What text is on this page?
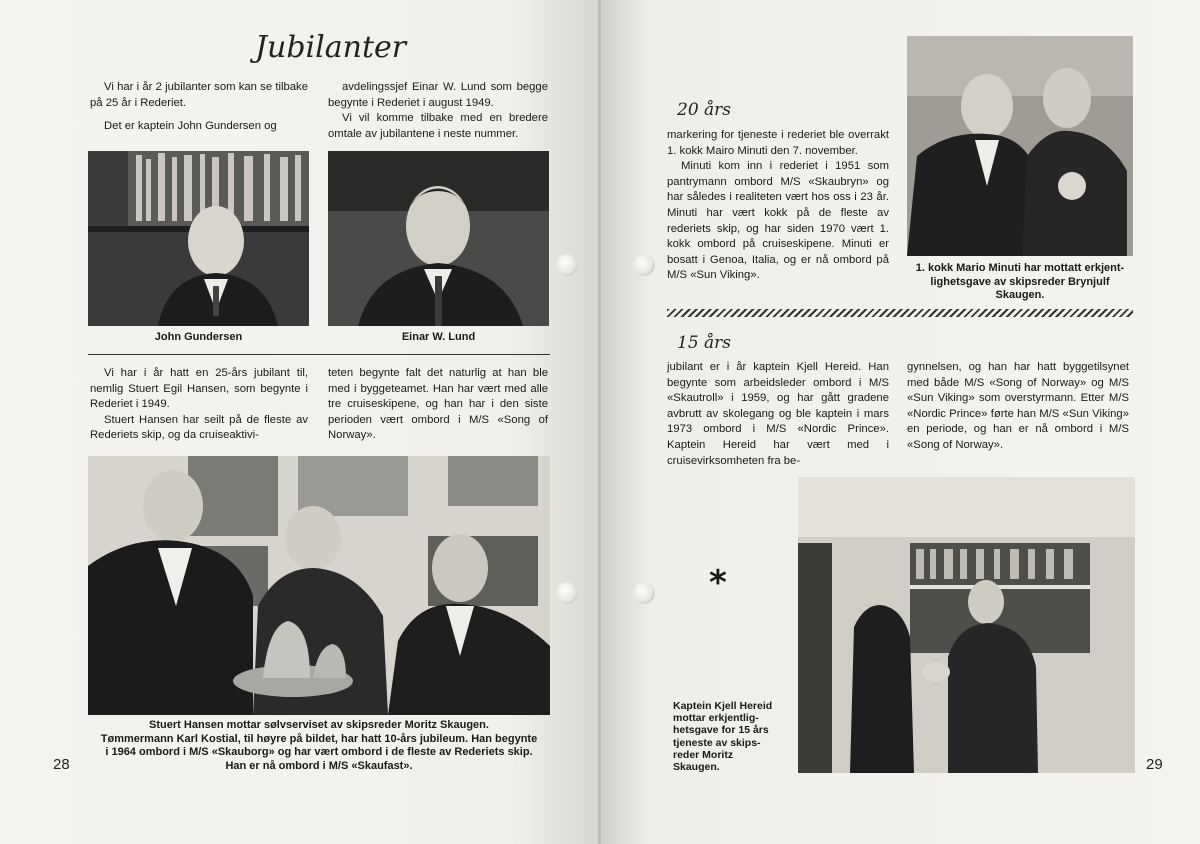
Jubilanter

Vi har i år 2 jubilanter som kan se tilbake på 25 år i Rederiet.

Det er kaptein John Gundersen og

avdelingssjef Einar W. Lund som begge begynte i Rederiet i august 1949.

Vi vil komme tilbake med en bredere omtale av jubilantene i neste nummer.

John Gundersen	Einar W. Lund

Vi har i år hatt en 25-års jubilant til, nemlig Stuert Egil Hansen, som begynte i Rederiet i 1949.

Stuert Hansen har seilt på de fleste av Rederiets skip, og da cruiseaktivi-

teten begynte falt det naturlig at han ble med i byggeteamet. Han har vært med alle tre cruiseskipene, og han har i den siste perioden vært ombord i M/S «Song of Norway».

Stuert Hansen mottar sølvserviset av skipsreder Moritz Skaugen.
Tømmermann Karl Kostial, til høyre på bildet, har hatt 10-års jubileum. Han begynte
i 1964 ombord i M/S «Skauborg» og har vært ombord i de fleste av Rederiets skip.
Han er nå ombord i M/S «Skaufast».
28
20 års

markering for tjeneste i rederiet ble overrakt 1. kokk Mairo Minuti den 7. november.

Minuti kom inn i rederiet i 1951 som pantrymann ombord M/S «Skaubryn» og har således i realiteten vært hos oss i 23 år. Minuti har vært kokk på de fleste av rederiets skip, og har siden 1970 vært 1. kokk ombord på cruiseskipene. Minuti er bosatt i Genoa, Italia, og er nå ombord på M/S «Sun Viking».

1. kokk Mario Minuti har mottatt erkjent-
lighetsgave av skipsreder Brynjulf
Skaugen.
15 års

jubilant er i år kaptein Kjell Hereid. Han begynte som arbeidsleder ombord i M/S «Skautroll» i 1959, og har gått gradene avbrutt av skolegang og ble kaptein i mars 1973 ombord i M/S «Nordic Prince». Kaptein Hereid har vært med i cruisevirksomheten fra be-

gynnelsen, og han har hatt byggetilsynet med både M/S «Song of Norway» og M/S «Sun Viking» som overstyrmann. Etter M/S «Nordic Prince» førte han M/S «Sun Viking» en periode, og han er nå ombord i M/S «Song of Norway».

*
Kaptein Kjell Hereid
mottar erkjentlig-
hetsgave for 15 års
tjeneste av skips-
reder Moritz
Skaugen.	29
